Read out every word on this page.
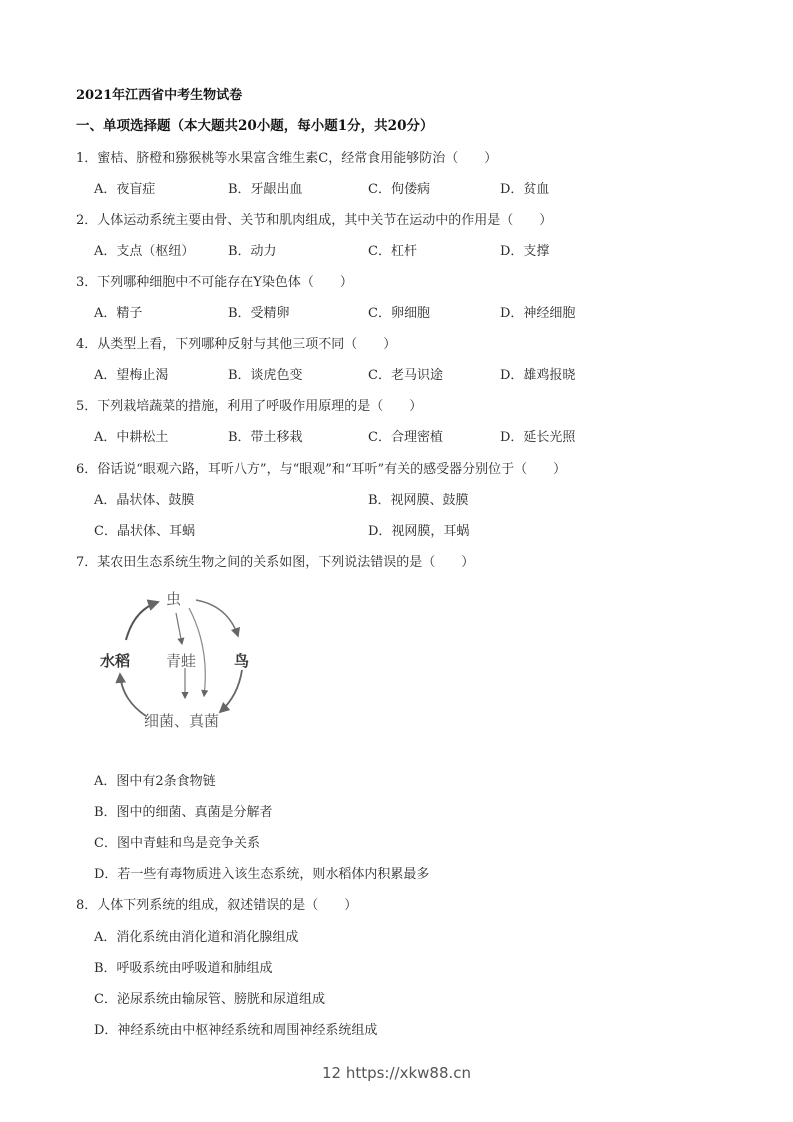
2021年江西省中考生物试卷
一、单项选择题（本大题共20小题，每小题1分，共20分）
1．蜜桔、脐橙和猕猴桃等水果富含维生素C，经常食用能够防治（　　）
A．夜盲症	B．牙龈出血	C．佝偻病	D．贫血
2．人体运动系统主要由骨、关节和肌肉组成，其中关节在运动中的作用是（　　）
A．支点（枢纽）	B．动力	C．杠杆	D．支撑
3．下列哪种细胞中不可能存在Y染色体（　　）
A．精子	B．受精卵	C．卵细胞	D．神经细胞
4．从类型上看，下列哪种反射与其他三项不同（　　）
A．望梅止渴	B．谈虎色变	C．老马识途	D．雄鸡报晓
5．下列栽培蔬菜的措施，利用了呼吸作用原理的是（　　）
A．中耕松土	B．带土移栽	C．合理密植	D．延长光照
6．俗话说“眼观六路，耳听八方”，与“眼观”和“耳听”有关的感受器分别位于（　　）
A．晶状体、鼓膜	B．视网膜、鼓膜
C．晶状体、耳蜗	D．视网膜，耳蜗
7．某农田生态系统生物之间的关系如图，下列说法错误的是（　　）
虫
水稻 青蛙	鸟
细菌、真菌
A．图中有2条食物链
B．图中的细菌、真菌是分解者
C．图中青蛙和鸟是竞争关系
D．若一些有毒物质进入该生态系统，则水稻体内积累最多
8．人体下列系统的组成，叙述错误的是（　　）
A．消化系统由消化道和消化腺组成
B．呼吸系统由呼吸道和肺组成
C．泌尿系统由输尿管、膀胱和尿道组成
D．神经系统由中枢神经系统和周围神经系统组成
12 https://xkw88.cn
